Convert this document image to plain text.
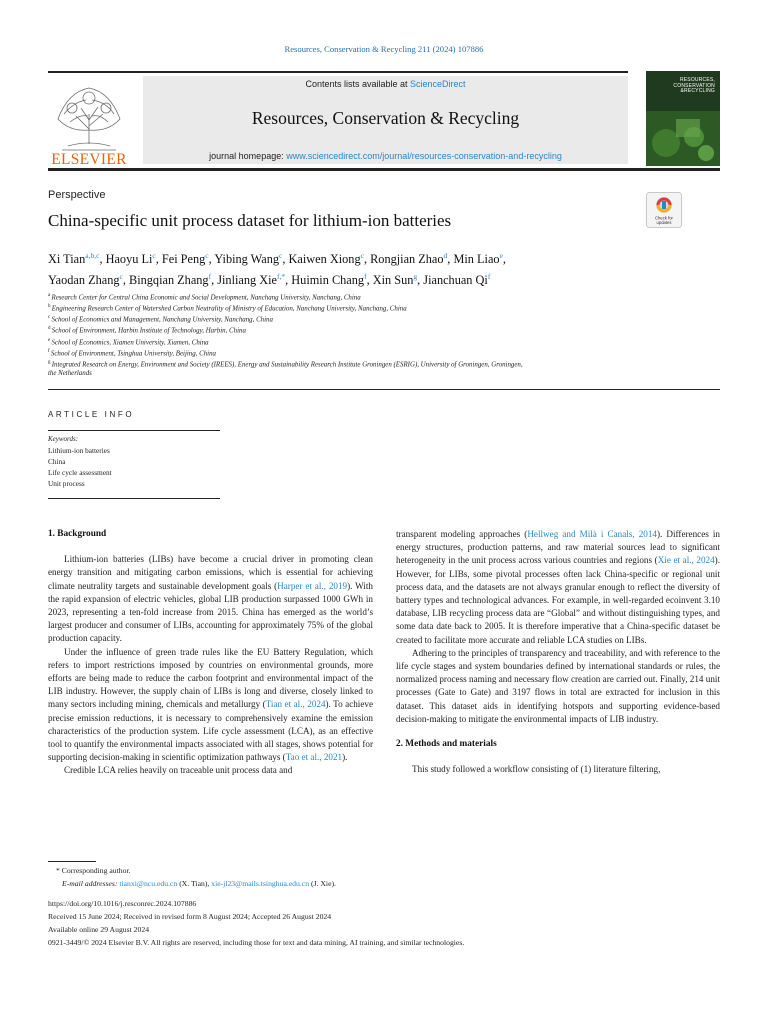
Resources, Conservation & Recycling 211 (2024) 107886
ELSEVIER
Contents lists available at ScienceDirect
Resources, Conservation & Recycling
journal homepage: www.sciencedirect.com/journal/resources-conservation-and-recycling
RESOURCES, CONSERVATION &RECYCLING
Perspective
China-specific unit process dataset for lithium-ion batteries	Check for
updates
Xi Tian$^{a,b,c}$, Haoyu Li$^c$, Fei Peng$^c$, Yibing Wang$^c$, Kaiwen Xiong$^c$, Rongjian Zhao$^d$, Min Liao$^e$,
Yaodan Zhang$^c$, Bingqian Zhang$^f$, Jinliang Xie$^{f,*}$, Huimin Chang$^f$, Xin Sun$^g$, Jianchuan Qi$^f$
$^a$ Research Center for Central China Economic and Social Development, Nanchang University, Nanchang, China
$^b$ Engineering Research Center of Watershed Carbon Neutrality of Ministry of Education, Nanchang University, Nanchang, China
$^c$ School of Economics and Management, Nanchang University, Nanchang, China
$^d$ School of Environment, Harbin Institute of Technology, Harbin, China
$^e$ School of Economics, Xiamen University, Xiamen, China
$^f$ School of Environment, Tsinghua University, Beijing, China
$^g$ Integrated Research on Energy, Environment and Society (IREES), Energy and Sustainability Research Institute Groningen (ESRIG), University of Groningen, Groningen,
the Netherlands
ARTICLE INFO
Keywords:
Lithium-ion batteries
China
Life cycle assessment
Unit process
1. Background

Lithium-ion batteries (LIBs) have become a crucial driver in promoting clean energy transition and mitigating carbon emissions, which is essential for achieving climate neutrality targets and sustainable development goals (Harper et al., 2019). With the rapid expansion of electric vehicles, global LIB production surpassed 1000 GWh in 2023, representing a ten-fold increase from 2015. China has emerged as the world’s largest producer and consumer of LIBs, accounting for approximately 75% of the global production capacity.

Under the influence of green trade rules like the EU Battery Regulation, which refers to import restrictions imposed by countries on environmental grounds, more efforts are being made to reduce the carbon footprint and environmental impact of the LIB industry. However, the supply chain of LIBs is long and diverse, closely linked to many sectors including mining, chemicals and metallurgy (Tian et al., 2024). To achieve precise emission reductions, it is necessary to comprehensively examine the emission characteristics of the production system. Life cycle assessment (LCA), as an effective tool to quantify the environmental impacts associated with all stages, shows potential for supporting decision-making in scientific optimization pathways (Tao et al., 2021).

Credible LCA relies heavily on traceable unit process data and

transparent modeling approaches (Hellweg and Milà i Canals, 2014). Differences in energy structures, production patterns, and raw material sources lead to significant heterogeneity in the unit process across various countries and regions (Xie et al., 2024). However, for LIBs, some pivotal processes often lack China-specific or regional unit process data, and the datasets are not always granular enough to reflect the diversity of battery types and technological advances. For example, in well-regarded ecoinvent 3.10 database, LIB recycling process data are “Global” and without distinguishing types, and some data date back to 2005. It is therefore imperative that a China-specific dataset be created to facilitate more accurate and reliable LCA studies on LIBs.

Adhering to the principles of transparency and traceability, and with reference to the life cycle stages and system boundaries defined by international standards or rules, the normalized process naming and necessary flow creation are carried out. Finally, 214 unit processes (Gate to Gate) and 3197 flows in total are extracted for inclusion in this dataset. This dataset aids in identifying hotspots and supporting evidence-based decision-making to mitigate the environmental impacts of LIB industry.

2. Methods and materials

This study followed a workflow consisting of (1) literature filtering,

* Corresponding author.
E-mail addresses: tianxi@ncu.edu.cn (X. Tian), xie-jl23@mails.tsinghua.edu.cn (J. Xie).
https://doi.org/10.1016/j.resconrec.2024.107886
Received 15 June 2024; Received in revised form 8 August 2024; Accepted 26 August 2024
Available online 29 August 2024
0921-3449/© 2024 Elsevier B.V. All rights are reserved, including those for text and data mining, AI training, and similar technologies.
